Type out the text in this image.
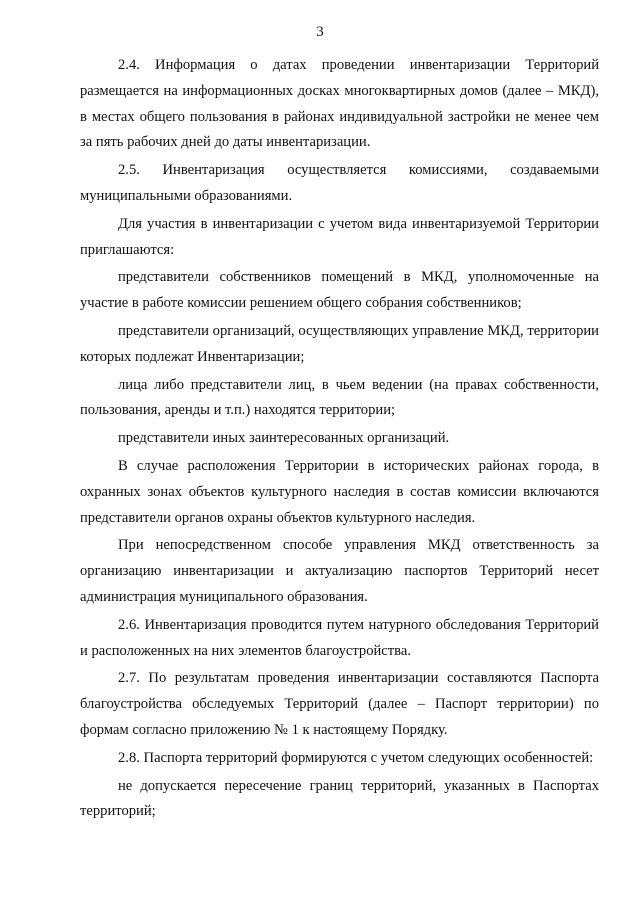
3

2.4. Информация о датах проведении инвентаризации Территорий размещается на информационных досках многоквартирных домов (далее – МКД), в местах общего пользования в районах индивидуальной застройки не менее чем за пять рабочих дней до даты инвентаризации.

2.5. Инвентаризация осуществляется комиссиями, создаваемыми муниципальными образованиями.

Для участия в инвентаризации с учетом вида инвентаризуемой Территории приглашаются:

представители собственников помещений в МКД, уполномоченные на участие в работе комиссии решением общего собрания собственников;

представители организаций, осуществляющих управление МКД, территории которых подлежат Инвентаризации;

лица либо представители лиц, в чьем ведении (на правах собственности, пользования, аренды и т.п.) находятся территории;

представители иных заинтересованных организаций.

В случае расположения Территории в исторических районах города, в охранных зонах объектов культурного наследия в состав комиссии включаются представители органов охраны объектов культурного наследия.

При непосредственном способе управления МКД ответственность за организацию инвентаризации и актуализацию паспортов Территорий несет администрация муниципального образования.

2.6. Инвентаризация проводится путем натурного обследования Территорий и расположенных на них элементов благоустройства.

2.7. По результатам проведения инвентаризации составляются Паспорта благоустройства обследуемых Территорий (далее – Паспорт территории) по формам согласно приложению № 1 к настоящему Порядку.

2.8. Паспорта территорий формируются с учетом следующих особенностей:

не допускается пересечение границ территорий, указанных в Паспортах территорий;
